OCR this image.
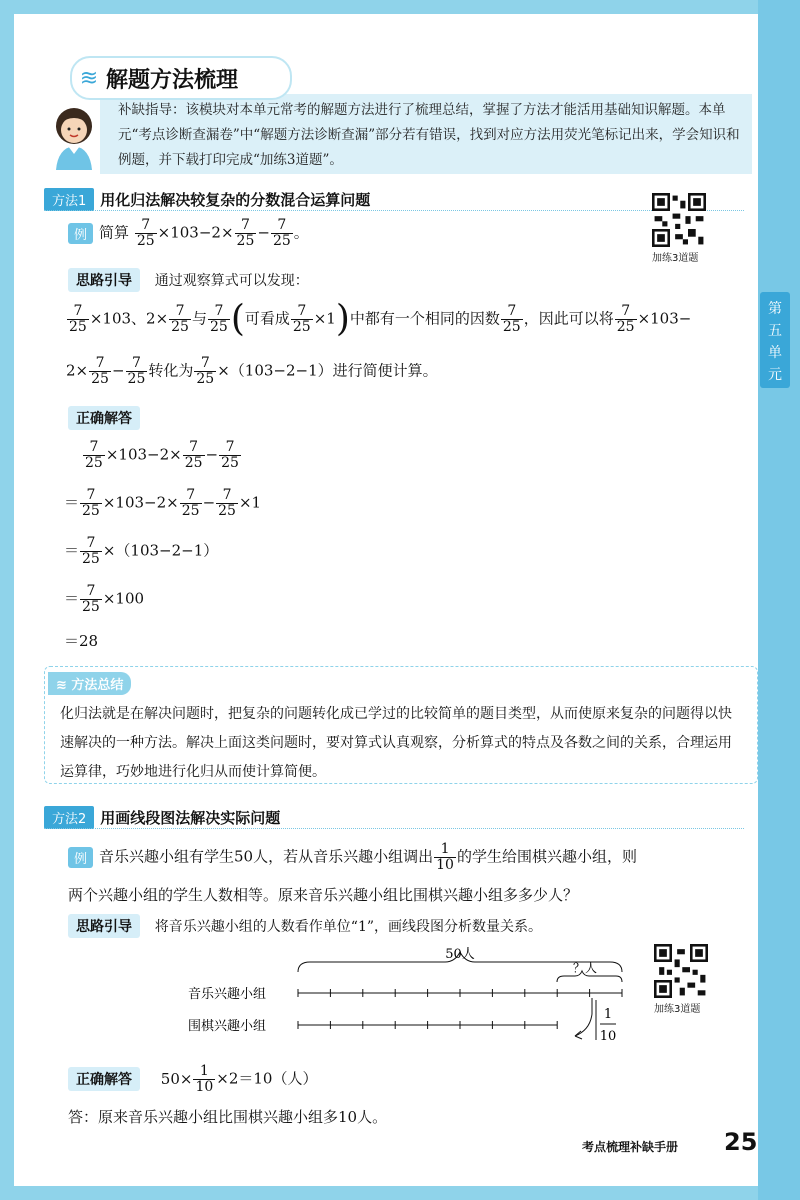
第
五
单
元
≋ 解题方法梳理
补缺指导：该模块对本单元常考的解题方法进行了梳理总结，掌握了方法才能活用基础知识解题。本单元“考点诊断查漏卷”中“解题方法诊断查漏”部分若有错误，找到对应方法用荧光笔标记出来，学会知识和例题，并下载打印完成“加练3道题”。
方法1 用化归法解决较复杂的分数混合运算问题
加练3道题
例 简算 $\frac{7}{25} \times 103-2\times \frac{7}{25} - \frac{7}{25}$ 。
思路引导 通过观察算式可以发现：
$\frac{7}{25} \times 103$、$2\times \frac{7}{25}$ 与 $\frac{7}{25}$ (可看成 $\frac{7}{25} \times 1$)中都有一个相同的因数 $\frac{7}{25}$ ，因此可以将 $\frac{7}{25} \times 103-$
$2\times \frac{7}{25} - \frac{7}{25}$ 转化为 $\frac{7}{25} \times(103-2-1)$进行简便计算。
正确解答
$\frac{7}{25} \times 103-2\times \frac{7}{25} - \frac{7}{25}$
＝ $\frac{7}{25} \times 103-2\times \frac{7}{25} - \frac{7}{25} \times 1$
＝ $\frac{7}{25} \times(103-2-1)$
＝ $\frac{7}{25} \times 100$
＝28
≋ 方法总结
化归法就是在解决问题时，把复杂的问题转化成已学过的比较简单的题目类型，从而使原来复杂的问题得以快速解决的一种方法。解决上面这类问题时，要对算式认真观察，分析算式的特点及各数之间的关系，合理运用运算律，巧妙地进行化归从而使计算简便。
方法2 用画线段图法解决实际问题
例 音乐兴趣小组有学生50人，若从音乐兴趣小组调出 $\frac{1}{10}$ 的学生给围棋兴趣小组，则
两个兴趣小组的学生人数相等。原来音乐兴趣小组比围棋兴趣小组多多少人？
思路引导 将音乐兴趣小组的人数看作单位“1”，画线段图分析数量关系。
加练3道题
50人
音乐兴趣小组
围棋兴趣小组
？人
1
10
正确解答 $50\times \frac{1}{10} \times 2=10$（人）
答：原来音乐兴趣小组比围棋兴趣小组多10人。
考点梳理补缺手册 25
